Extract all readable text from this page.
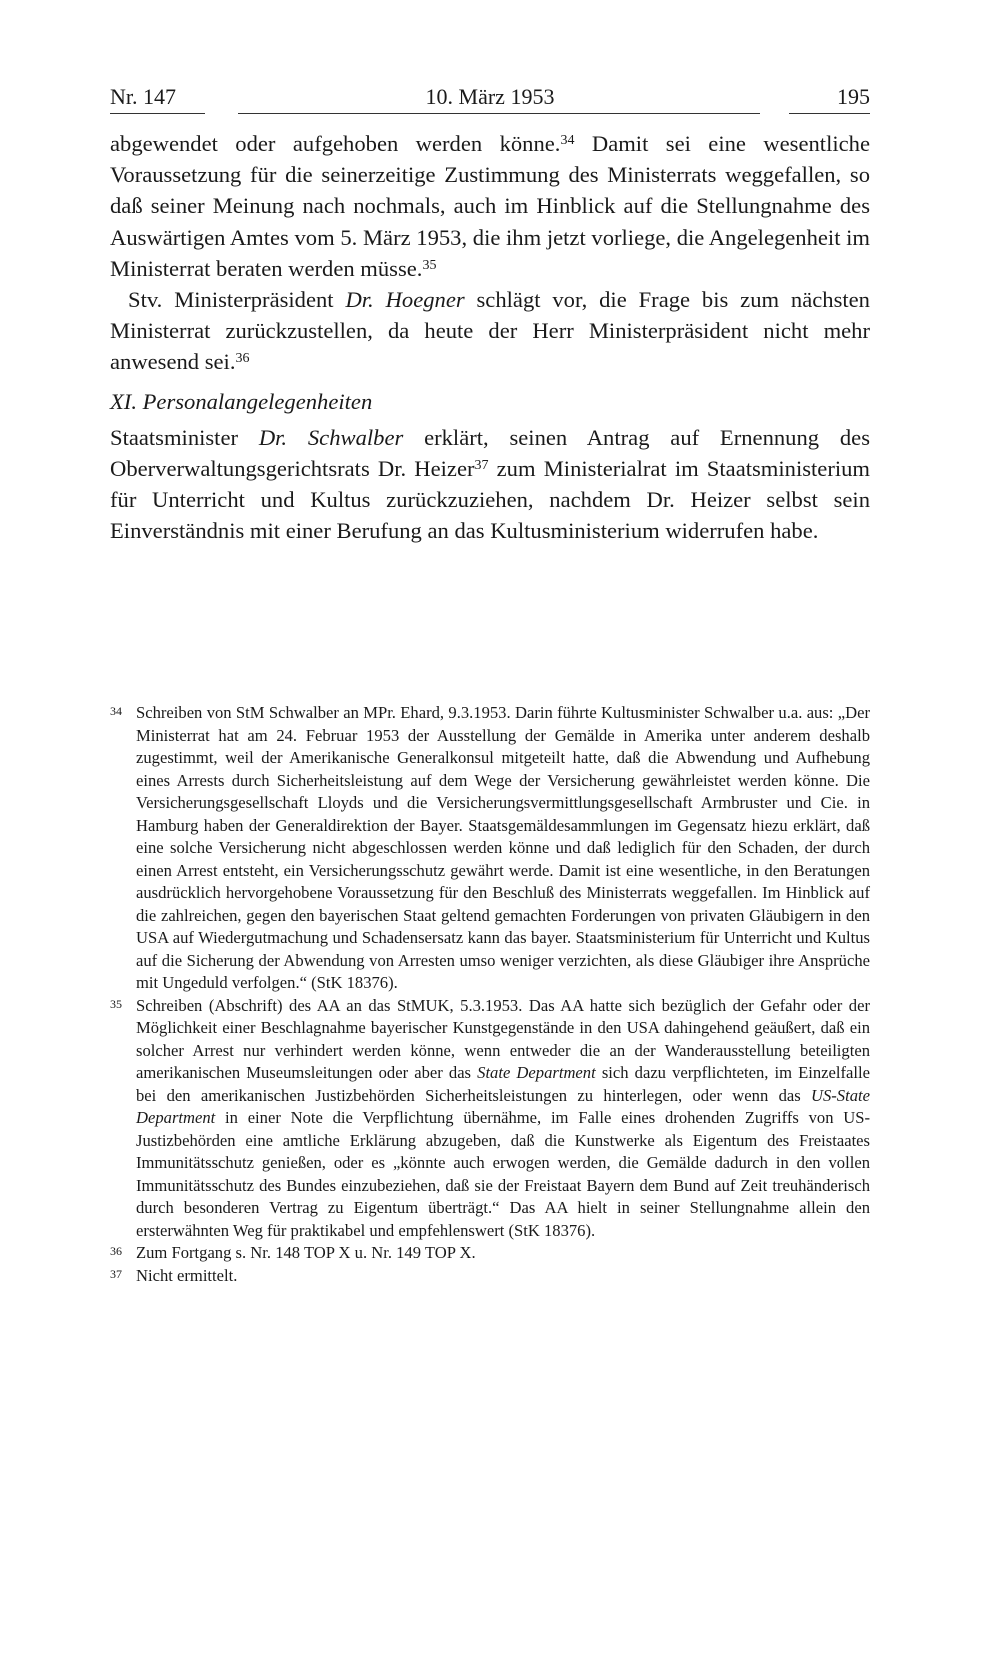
Nr. 147	10. März 1953	195

abgewendet oder aufgehoben werden könne.$^{34}$ Damit sei eine wesentliche Voraussetzung für die seinerzeitige Zustimmung des Ministerrats weggefallen, so daß seiner Meinung nach nochmals, auch im Hinblick auf die Stellungnahme des Auswärtigen Amtes vom 5. März 1953, die ihm jetzt vorliege, die Angelegenheit im Ministerrat beraten werden müsse.$^{35}$

Stv. Ministerpräsident Dr. Hoegner schlägt vor, die Frage bis zum nächsten Ministerrat zurückzustellen, da heute der Herr Ministerpräsident nicht mehr anwesend sei.$^{36}$

XI. Personalangelegenheiten

Staatsminister Dr. Schwalber erklärt, seinen Antrag auf Ernennung des Oberverwaltungsgerichtsrats Dr. Heizer$^{37}$ zum Ministerialrat im Staatsministerium für Unterricht und Kultus zurückzuziehen, nachdem Dr. Heizer selbst sein Einverständnis mit einer Berufung an das Kultusministerium widerrufen habe.

34 Schreiben von StM Schwalber an MPr. Ehard, 9.3.1953. Darin führte Kultusminister Schwalber u.a. aus: „Der Ministerrat hat am 24. Februar 1953 der Ausstellung der Gemälde in Amerika unter anderem deshalb zugestimmt, weil der Amerikanische Generalkonsul mitgeteilt hatte, daß die Abwendung und Aufhebung eines Arrests durch Sicherheitsleistung auf dem Wege der Versicherung gewährleistet werden könne. Die Versicherungsgesellschaft Lloyds und die Versicherungsvermittlungsgesellschaft Armbruster und Cie. in Hamburg haben der Generaldirektion der Bayer. Staatsgemäldesammlungen im Gegensatz hiezu erklärt, daß eine solche Versicherung nicht abgeschlossen werden könne und daß lediglich für den Schaden, der durch einen Arrest entsteht, ein Versicherungsschutz gewährt werde. Damit ist eine wesentliche, in den Beratungen ausdrücklich hervorgehobene Voraussetzung für den Beschluß des Ministerrats weggefallen. Im Hinblick auf die zahlreichen, gegen den bayerischen Staat geltend gemachten Forderungen von privaten Gläubigern in den USA auf Wiedergutmachung und Schadensersatz kann das bayer. Staatsministerium für Unterricht und Kultus auf die Sicherung der Abwendung von Arresten umso weniger verzichten, als diese Gläubiger ihre Ansprüche mit Ungeduld verfolgen.“ (StK 18376).
35 Schreiben (Abschrift) des AA an das StMUK, 5.3.1953. Das AA hatte sich bezüglich der Gefahr oder der Möglichkeit einer Beschlagnahme bayerischer Kunstgegenstände in den USA dahingehend geäußert, daß ein solcher Arrest nur verhindert werden könne, wenn entweder die an der Wanderausstellung beteiligten amerikanischen Museumsleitungen oder aber das State Department sich dazu verpflichteten, im Einzelfalle bei den amerikanischen Justizbehörden Sicherheitsleistungen zu hinterlegen, oder wenn das US-State Department in einer Note die Verpflichtung übernähme, im Falle eines drohenden Zugriffs von US-Justizbehörden eine amtliche Erklärung abzugeben, daß die Kunstwerke als Eigentum des Freistaates Immunitätsschutz genießen, oder es „könnte auch erwogen werden, die Gemälde dadurch in den vollen Immunitätsschutz des Bundes einzubeziehen, daß sie der Freistaat Bayern dem Bund auf Zeit treuhänderisch durch besonderen Vertrag zu Eigentum überträgt.“ Das AA hielt in seiner Stellungnahme allein den ersterwähnten Weg für praktikabel und empfehlenswert (StK 18376).
36 Zum Fortgang s. Nr. 148 TOP X u. Nr. 149 TOP X.
37 Nicht ermittelt.
